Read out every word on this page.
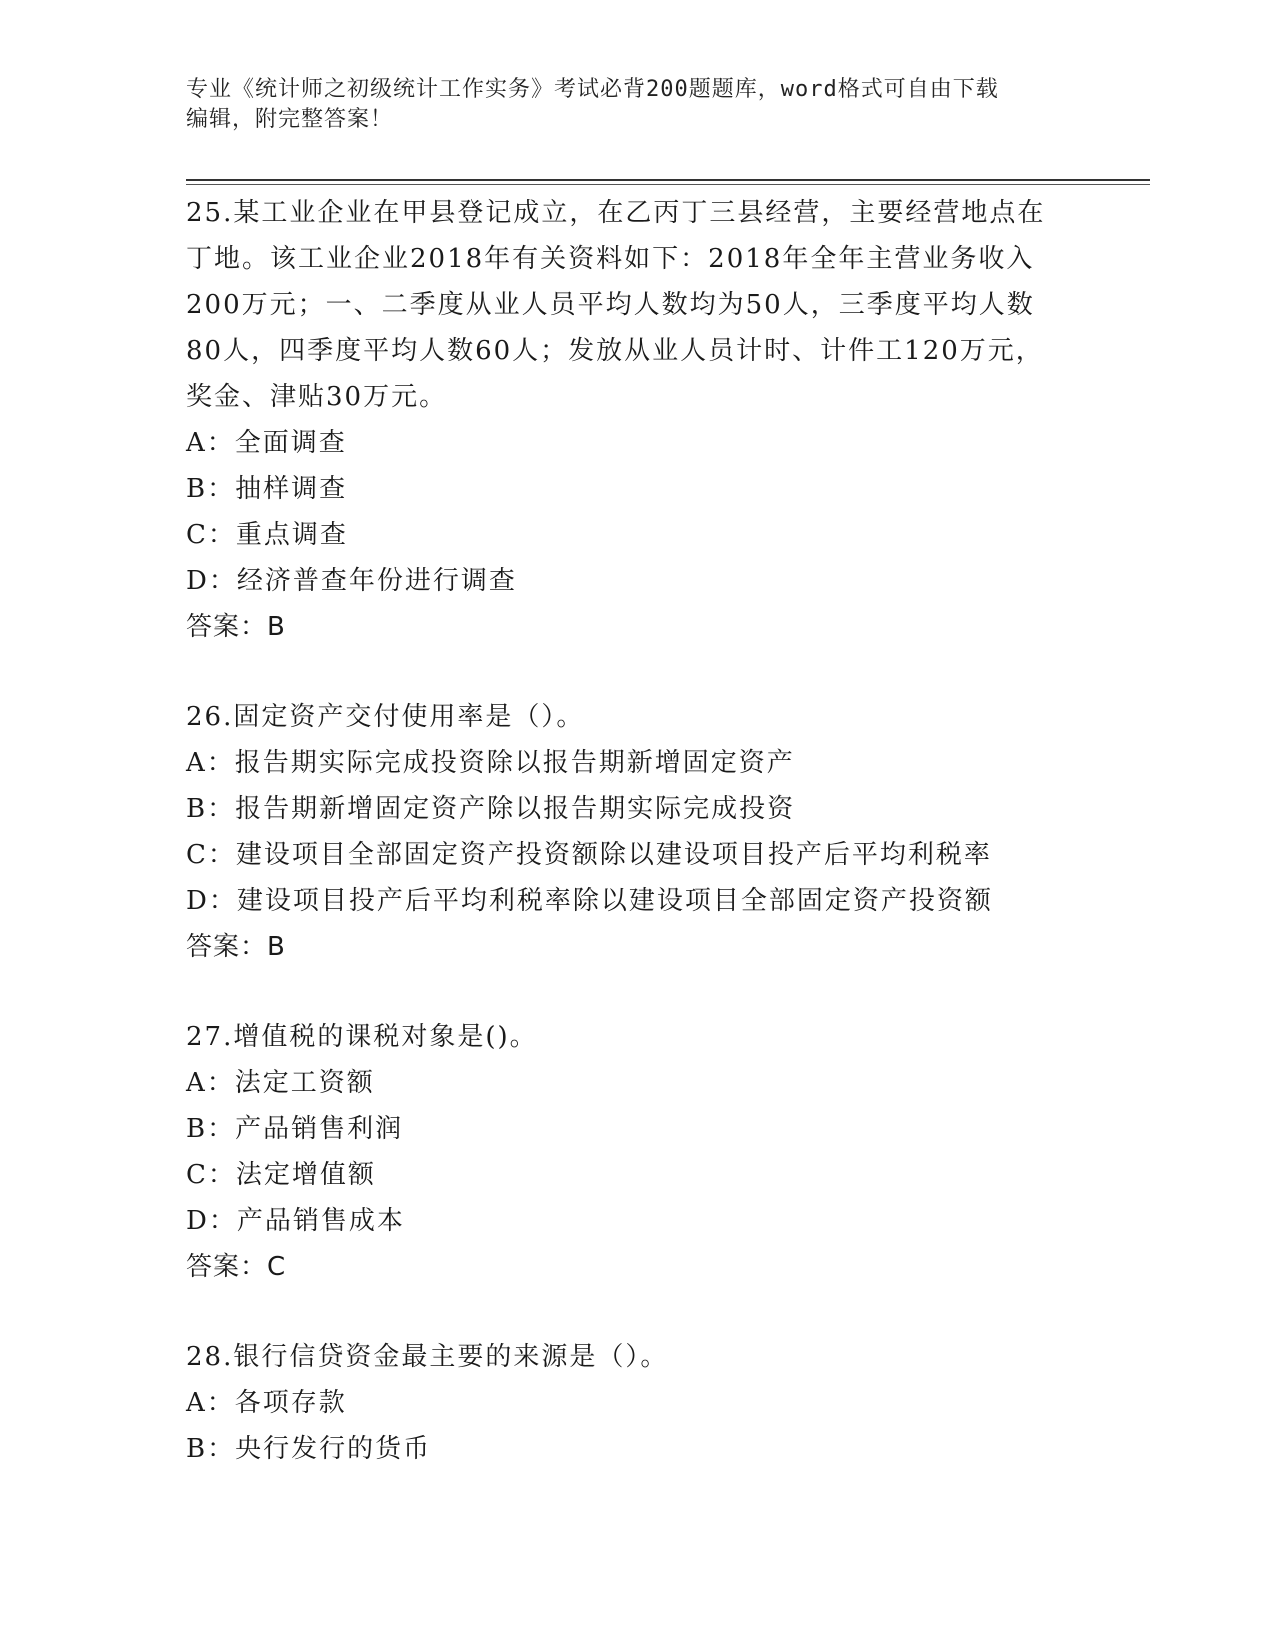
专业《统计师之初级统计工作实务》考试必背200题题库，word格式可自由下载
编辑，附完整答案！

25.某工业企业在甲县登记成立，在乙丙丁三县经营，主要经营地点在

丁地。该工业企业2018年有关资料如下：2018年全年主营业务收入

200万元；一、二季度从业人员平均人数均为50人，三季度平均人数

80人，四季度平均人数60人；发放从业人员计时、计件工120万元，

奖金、津贴30万元。

A：全面调查

B：抽样调查

C：重点调查

D：经济普查年份进行调查

答案：B

26.固定资产交付使用率是（）。

A：报告期实际完成投资除以报告期新增固定资产

B：报告期新增固定资产除以报告期实际完成投资

C：建设项目全部固定资产投资额除以建设项目投产后平均利税率

D：建设项目投产后平均利税率除以建设项目全部固定资产投资额

答案：B

27.增值税的课税对象是()。

A：法定工资额

B：产品销售利润

C：法定增值额

D：产品销售成本

答案：C

28.银行信贷资金最主要的来源是（）。

A：各项存款

B：央行发行的货币
